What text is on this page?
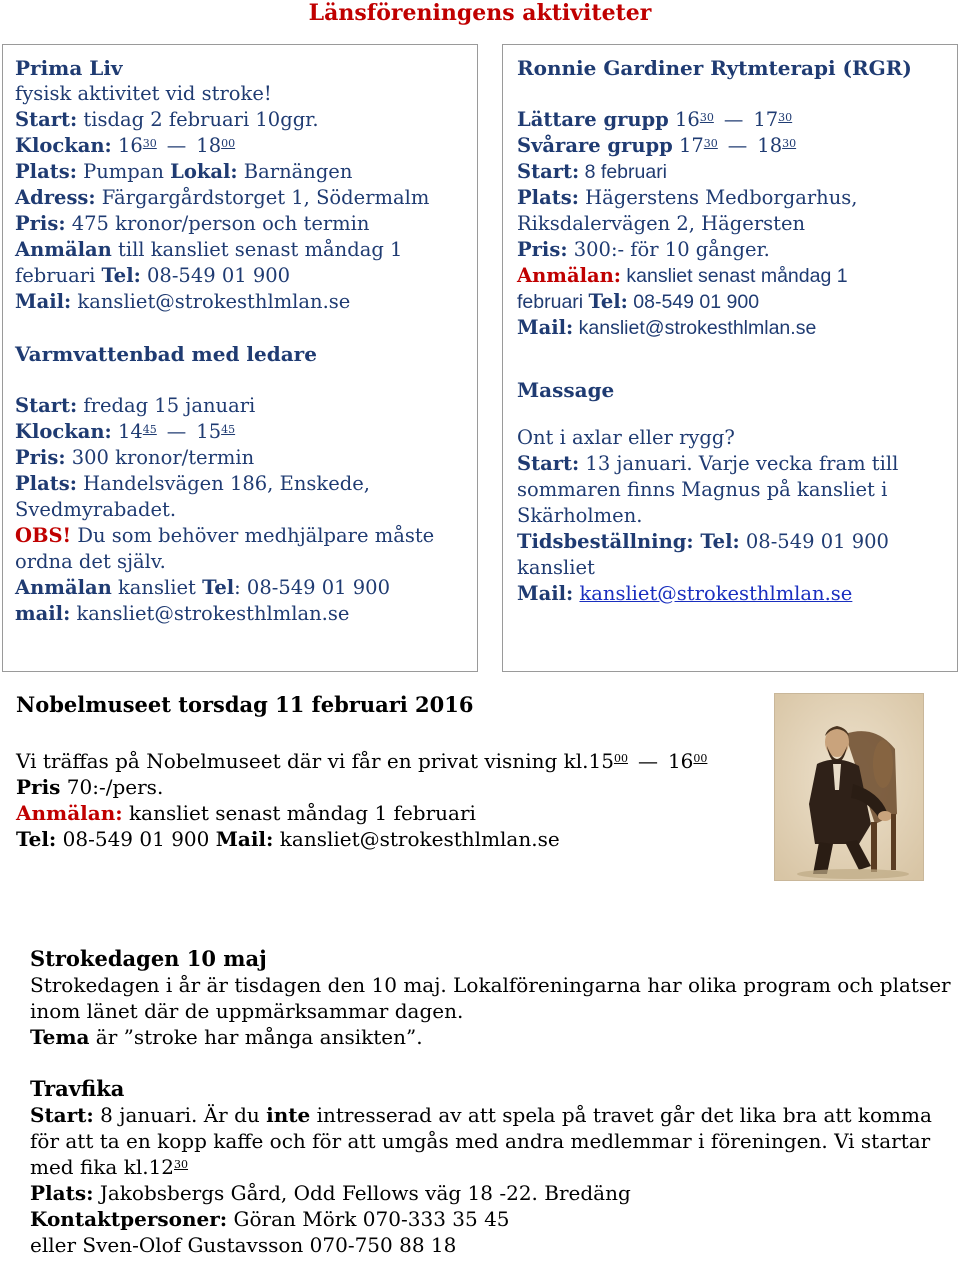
Länsföreningens aktiviteter
Prima Liv
fysisk aktivitet vid stroke!
Start: tisdag 2 februari 10ggr.
Klockan: $16^{30}$ — $18^{00}$
Plats: Pumpan Lokal: Barnängen
Adress: Färgargårdstorget 1, Södermalm
Pris: 475 kronor/person och termin
Anmälan till kansliet senast måndag 1
februari Tel: 08-549 01 900
Mail: kansliet@strokesthlmlan.se
Varmvattenbad med ledare
Start: fredag 15 januari
Klockan: $14^{45}$ — $15^{45}$
Pris: 300 kronor/termin
Plats: Handelsvägen 186, Enskede,
Svedmyrabadet.
OBS! Du som behöver medhjälpare måste
ordna det själv.
Anmälan kansliet Tel: 08-549 01 900
mail: kansliet@strokesthlmlan.se
Ronnie Gardiner Rytmterapi (RGR)
Lättare grupp $16^{30}$ — $17^{30}$
Svårare grupp $17^{30}$ — $18^{30}$
Start: 8 februari
Plats: Hägerstens Medborgarhus,
Riksdalervägen 2, Hägersten
Pris: 300:- för 10 gånger.
Anmälan: kansliet senast måndag 1
februari Tel: 08-549 01 900
Mail: kansliet@strokesthlmlan.se
Massage
Ont i axlar eller rygg?
Start: 13 januari. Varje vecka fram till
sommaren finns Magnus på kansliet i
Skärholmen.
Tidsbeställning: Tel: 08-549 01 900
kansliet
Mail: kansliet@strokesthlmlan.se
Nobelmuseet torsdag 11 februari 2016
Vi träffas på Nobelmuseet där vi får en privat visning $kl.15^{00}$ — $16^{00}$
Pris 70:-/pers.
Anmälan: kansliet senast måndag 1 februari
Tel: 08-549 01 900 Mail: kansliet@strokesthlmlan.se
Strokedagen 10 maj
Strokedagen i år är tisdagen den 10 maj. Lokalföreningarna har olika program och platser
inom länet där de uppmärksammar dagen.
Tema är ”stroke har många ansikten”.
Travfika
Start: 8 januari. Är du inte intresserad av att spela på travet går det lika bra att komma
för att ta en kopp kaffe och för att umgås med andra medlemmar i föreningen. Vi startar
med fika $kl.12^{30}$
Plats: Jakobsbergs Gård, Odd Fellows väg 18 -22. Bredäng
Kontaktpersoner: Göran Mörk 070-333 35 45
eller Sven-Olof Gustavsson 070-750 88 18
